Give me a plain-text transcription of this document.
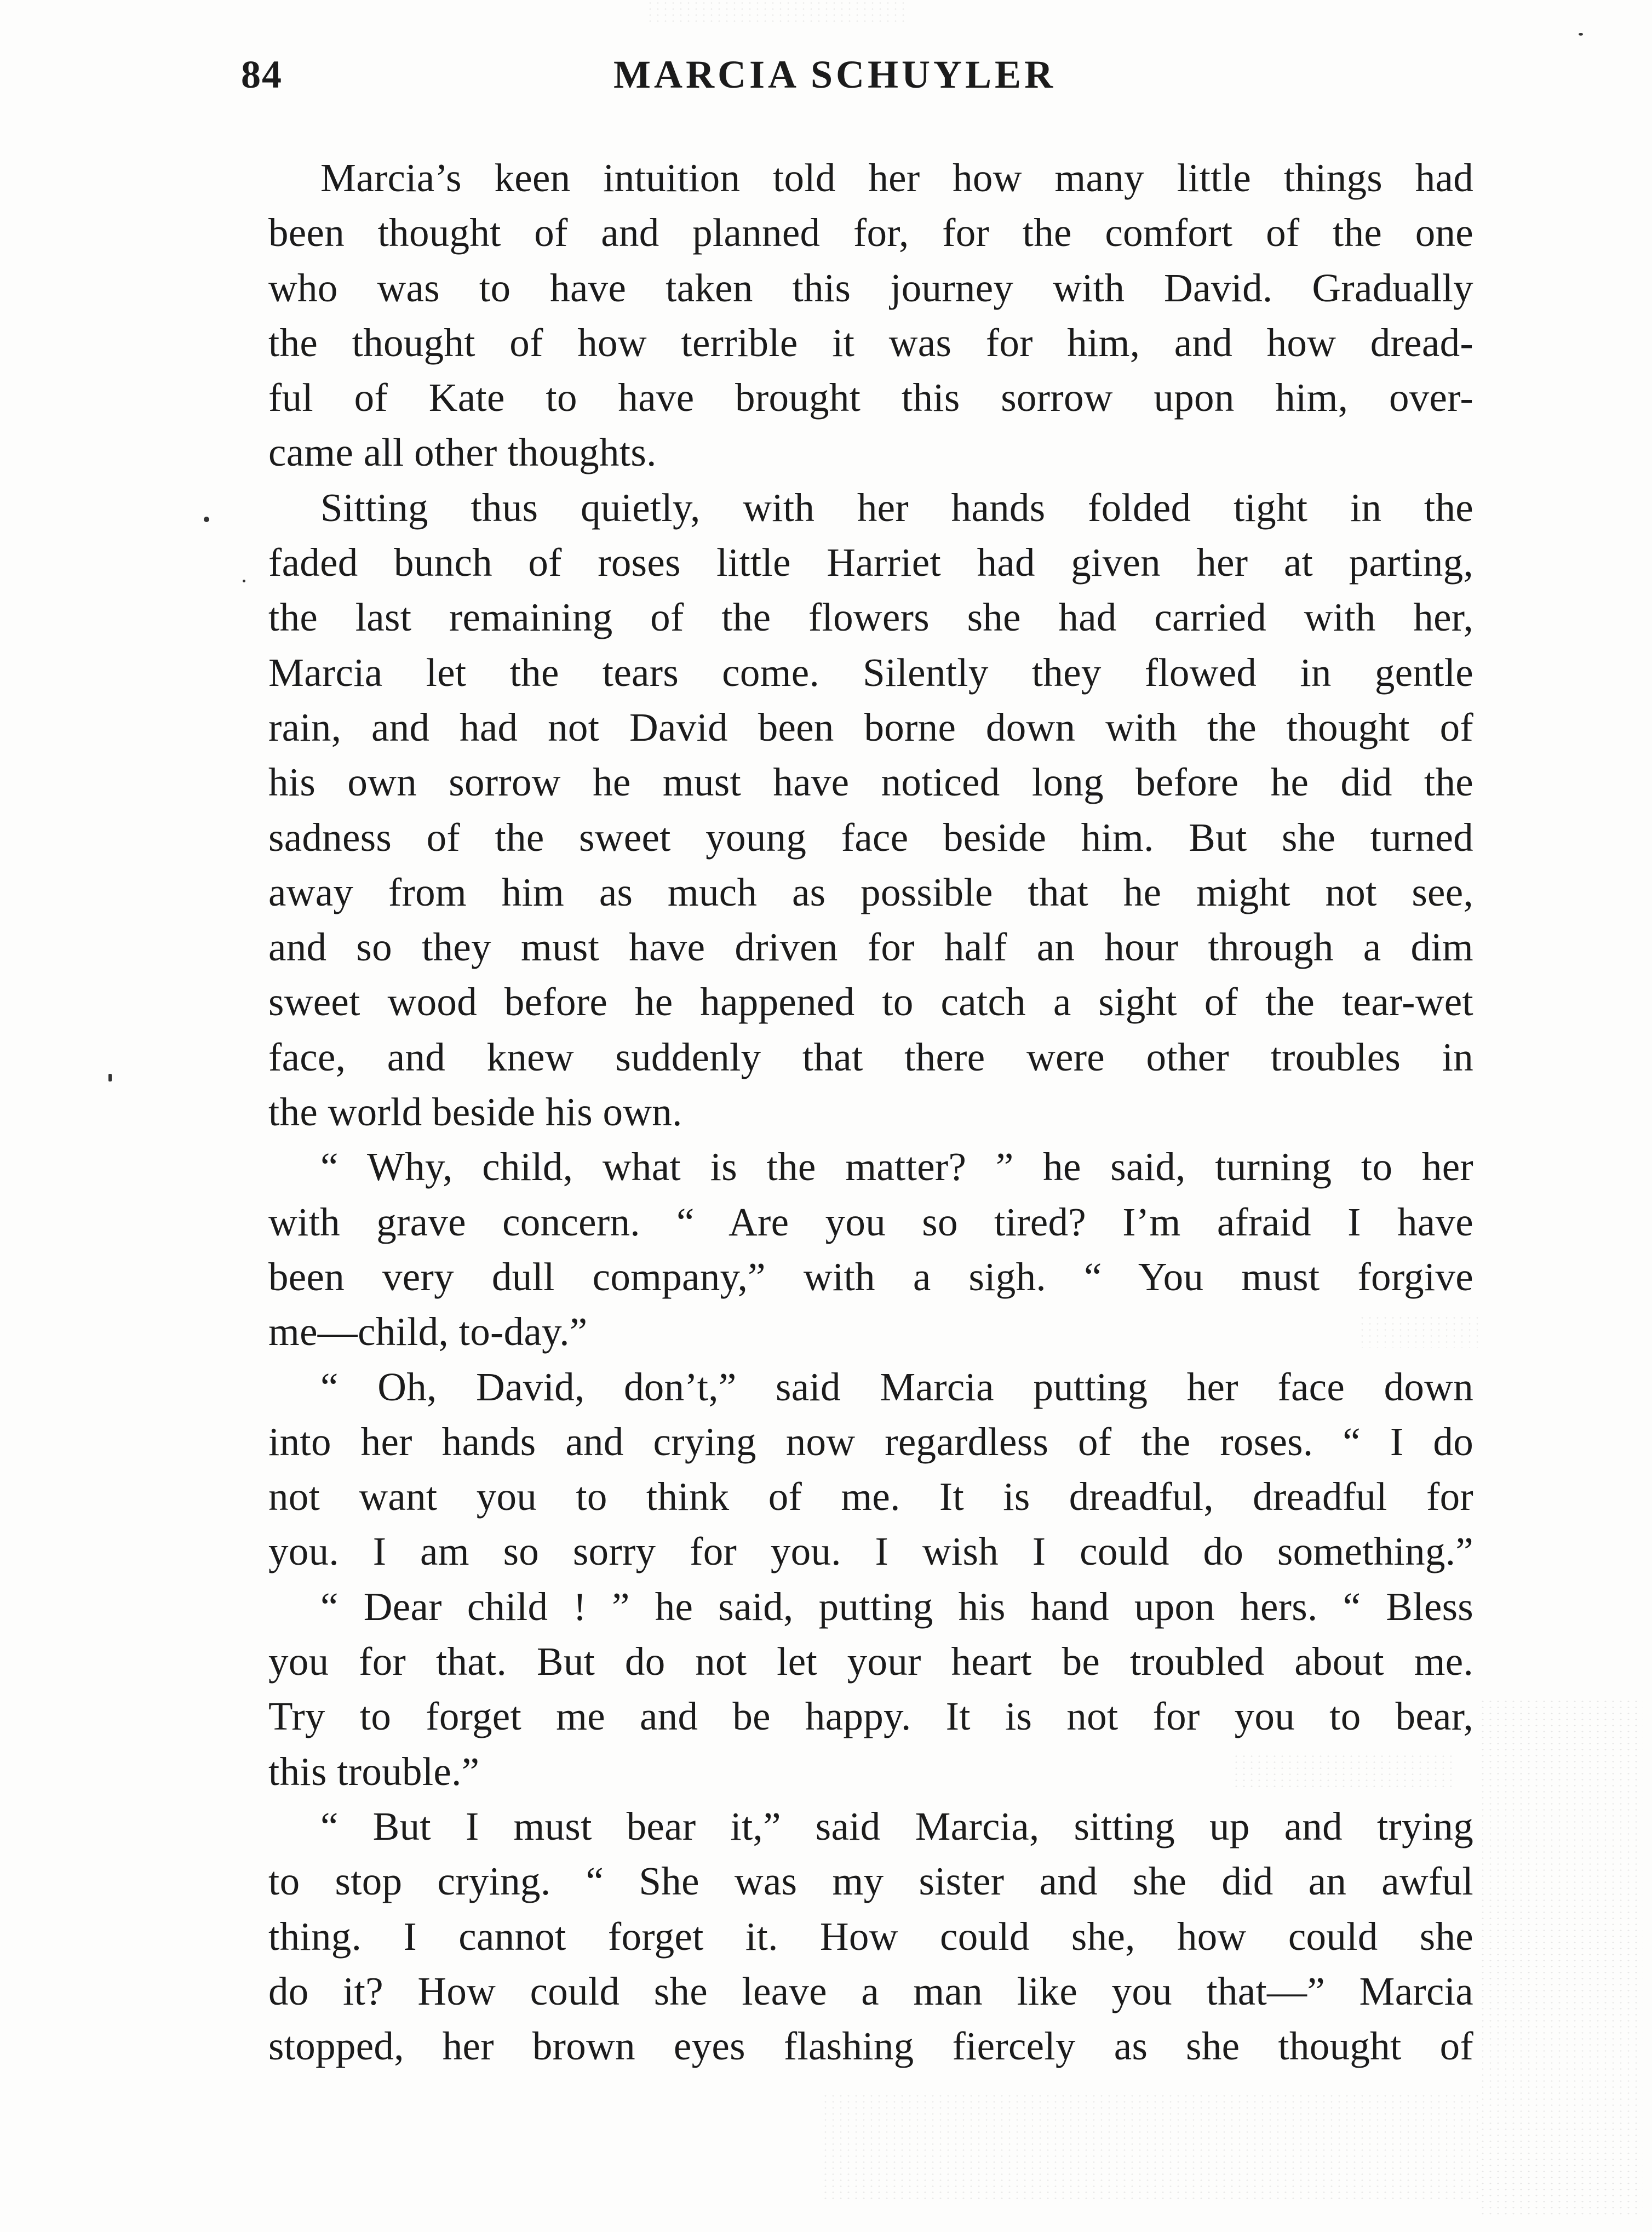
84	MARCIA SCHUYLER
Marcia’s keen intuition told her how many little things had
been thought of and planned for, for the comfort of the one
who was to have taken this journey with David. Gradually
the thought of how terrible it was for him, and how dread-
ful of Kate to have brought this sorrow upon him, over-
came all other thoughts.
Sitting thus quietly, with her hands folded tight in the
faded bunch of roses little Harriet had given her at parting,
the last remaining of the flowers she had carried with her,
Marcia let the tears come. Silently they flowed in gentle
rain, and had not David been borne down with the thought of
his own sorrow he must have noticed long before he did the
sadness of the sweet young face beside him. But she turned
away from him as much as possible that he might not see,
and so they must have driven for half an hour through a dim
sweet wood before he happened to catch a sight of the tear-wet
face, and knew suddenly that there were other troubles in
the world beside his own.
“ Why, child, what is the matter? ” he said, turning to her
with grave concern. “ Are you so tired? I’m afraid I have
been very dull company,” with a sigh. “ You must forgive
me—child, to-day.”
“ Oh, David, don’t,” said Marcia putting her face down
into her hands and crying now regardless of the roses. “ I do
not want you to think of me. It is dreadful, dreadful for
you. I am so sorry for you. I wish I could do something.”
“ Dear child ! ” he said, putting his hand upon hers. “ Bless
you for that. But do not let your heart be troubled about me.
Try to forget me and be happy. It is not for you to bear,
this trouble.”
“ But I must bear it,” said Marcia, sitting up and trying
to stop crying. “ She was my sister and she did an awful
thing. I cannot forget it. How could she, how could she
do it? How could she leave a man like you that—” Marcia
stopped, her brown eyes flashing fiercely as she thought of
